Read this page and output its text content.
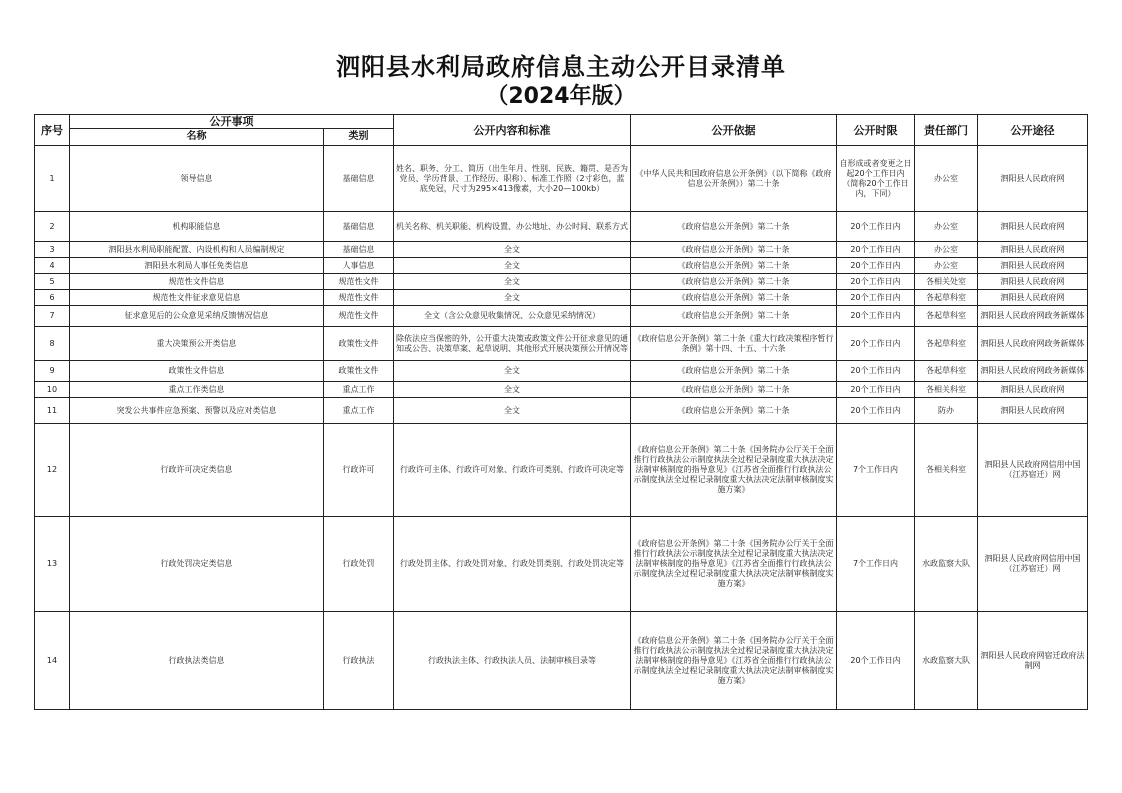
泗阳县水利局政府信息主动公开目录清单
（2024年版）
序号	公开事项		公开内容和标准	公开依据	公开时限	责任部门	公开途径
	名称	类别					
1	领导信息	基础信息	姓名、职务、分工、简历（出生年月、性别、民族、籍贯、是否为党员、学历背景、工作经历、职称）、标准工作照（2寸彩色，蓝底免冠，尺寸为295×413像素，大小20—100kb）	《中华人民共和国政府信息公开条例》（以下简称《政府信息公开条例》）第二十条	自形成或者变更之日起20个工作日内（简称20个工作日内，下同）	办公室	泗阳县人民政府网
2	机构职能信息	基础信息	机关名称、机关职能、机构设置、办公地址、办公时间、联系方式	《政府信息公开条例》第二十条	20个工作日内	办公室	泗阳县人民政府网
3	泗阳县水利局职能配置、内设机构和人员编制规定	基础信息	全文	《政府信息公开条例》第二十条	20个工作日内	办公室	泗阳县人民政府网
4	泗阳县水利局人事任免类信息	人事信息	全文	《政府信息公开条例》第二十条	20个工作日内	办公室	泗阳县人民政府网
5	规范性文件信息	规范性文件	全文	《政府信息公开条例》第二十条	20个工作日内	各相关处室	泗阳县人民政府网
6	规范性文件征求意见信息	规范性文件	全文	《政府信息公开条例》第二十条	20个工作日内	各起草科室	泗阳县人民政府网
7	征求意见后的公众意见采纳反馈情况信息	规范性文件	全文（含公众意见收集情况、公众意见采纳情况）	《政府信息公开条例》第二十条	20个工作日内	各起草科室	泗阳县人民政府网政务新媒体
8	重大决策预公开类信息	政策性文件	除依法应当保密的外，公开重大决策或政策文件公开征求意见的通知或公告、决策草案、起草说明、其他形式开展决策预公开情况等	《政府信息公开条例》第二十条《重大行政决策程序暂行条例》第十四、十五、十六条	20个工作日内	各起草科室	泗阳县人民政府网政务新媒体
9	政策性文件信息	政策性文件	全文	《政府信息公开条例》第二十条	20个工作日内	各起草科室	泗阳县人民政府网政务新媒体
10	重点工作类信息	重点工作	全文	《政府信息公开条例》第二十条	20个工作日内	各相关科室	泗阳县人民政府网
11	突发公共事件应急预案、预警以及应对类信息	重点工作	全文	《政府信息公开条例》第二十条	20个工作日内	防办	泗阳县人民政府网
12	行政许可决定类信息	行政许可	行政许可主体、行政许可对象、行政许可类别、行政许可决定等	《政府信息公开条例》第二十条《国务院办公厅关于全面推行行政执法公示制度执法全过程记录制度重大执法决定法制审核制度的指导意见》《江苏省全面推行行政执法公示制度执法全过程记录制度重大执法决定法制审核制度实施方案》	7个工作日内	各相关科室	泗阳县人民政府网信用中国（江苏宿迁）网
13	行政处罚决定类信息	行政处罚	行政处罚主体、行政处罚对象、行政处罚类别、行政处罚决定等	《政府信息公开条例》第二十条《国务院办公厅关于全面推行行政执法公示制度执法全过程记录制度重大执法决定法制审核制度的指导意见》《江苏省全面推行行政执法公示制度执法全过程记录制度重大执法决定法制审核制度实施方案》	7个工作日内	水政监察大队	泗阳县人民政府网信用中国（江苏宿迁）网
14	行政执法类信息	行政执法	行政执法主体、行政执法人员、法制审核目录等	《政府信息公开条例》第二十条《国务院办公厅关于全面推行行政执法公示制度执法全过程记录制度重大执法决定法制审核制度的指导意见》《江苏省全面推行行政执法公示制度执法全过程记录制度重大执法决定法制审核制度实施方案》	20个工作日内	水政监察大队	泗阳县人民政府网宿迁政府法制网
